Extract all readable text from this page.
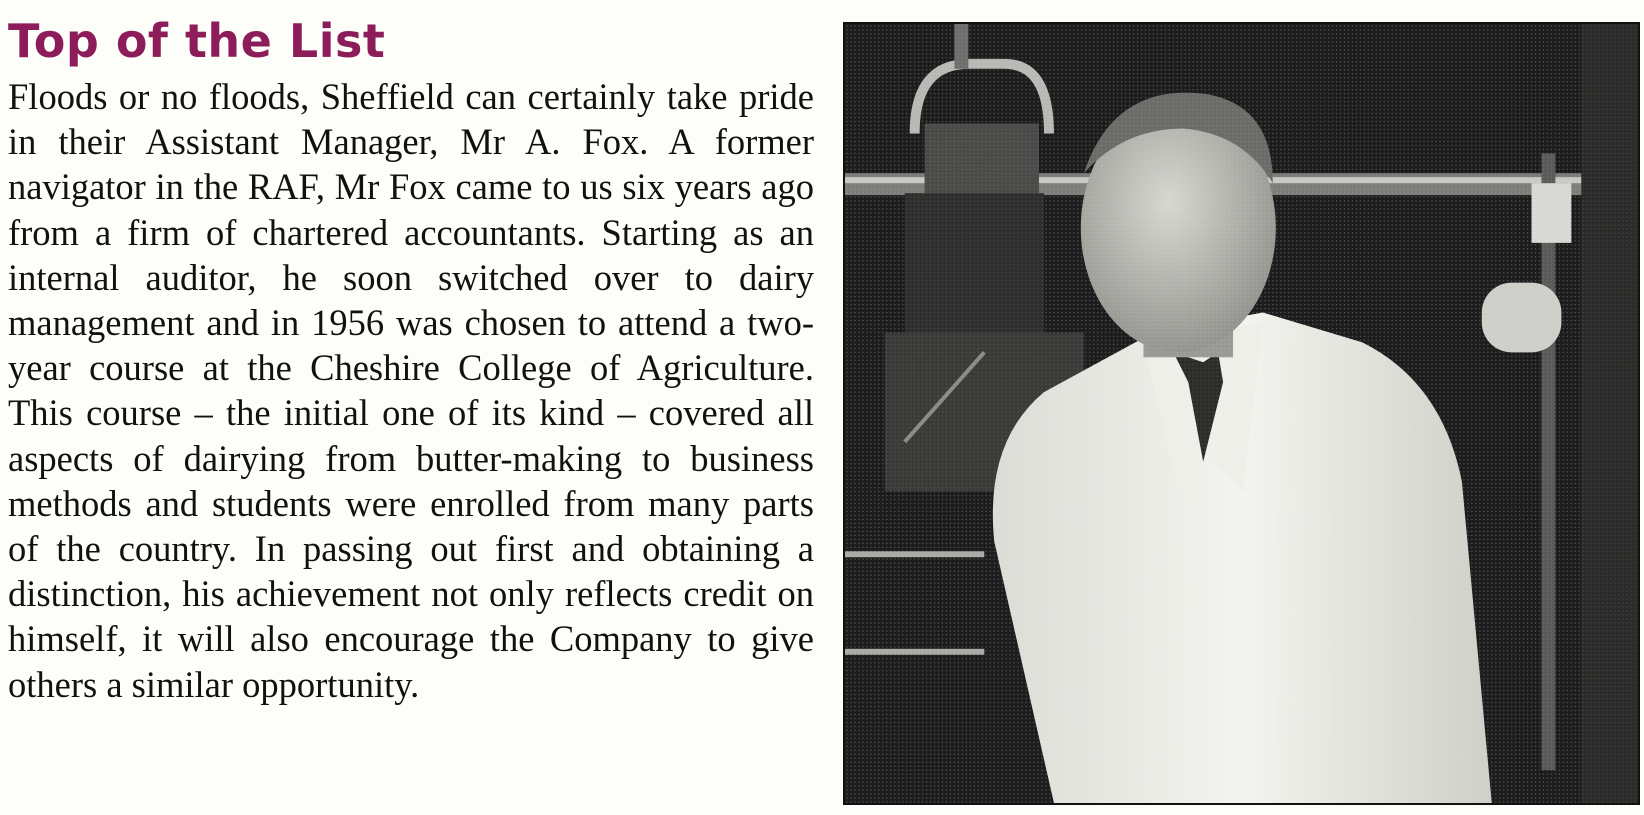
Top of the List

Floods or no floods, Sheffield can certainly take pride in their Assistant Manager, Mr A. Fox. A former navigator in the RAF, Mr Fox came to us six years ago from a firm of chartered accountants. Starting as an internal auditor, he soon switched over to dairy management and in 1956 was chosen to attend a two-year course at the Cheshire College of Agriculture. This course – the initial one of its kind – covered all aspects of dairying from butter-making to business methods and students were enrolled from many parts of the country. In passing out first and obtaining a distinction, his achievement not only reflects credit on himself, it will also encourage the Company to give others a similar opportunity.
